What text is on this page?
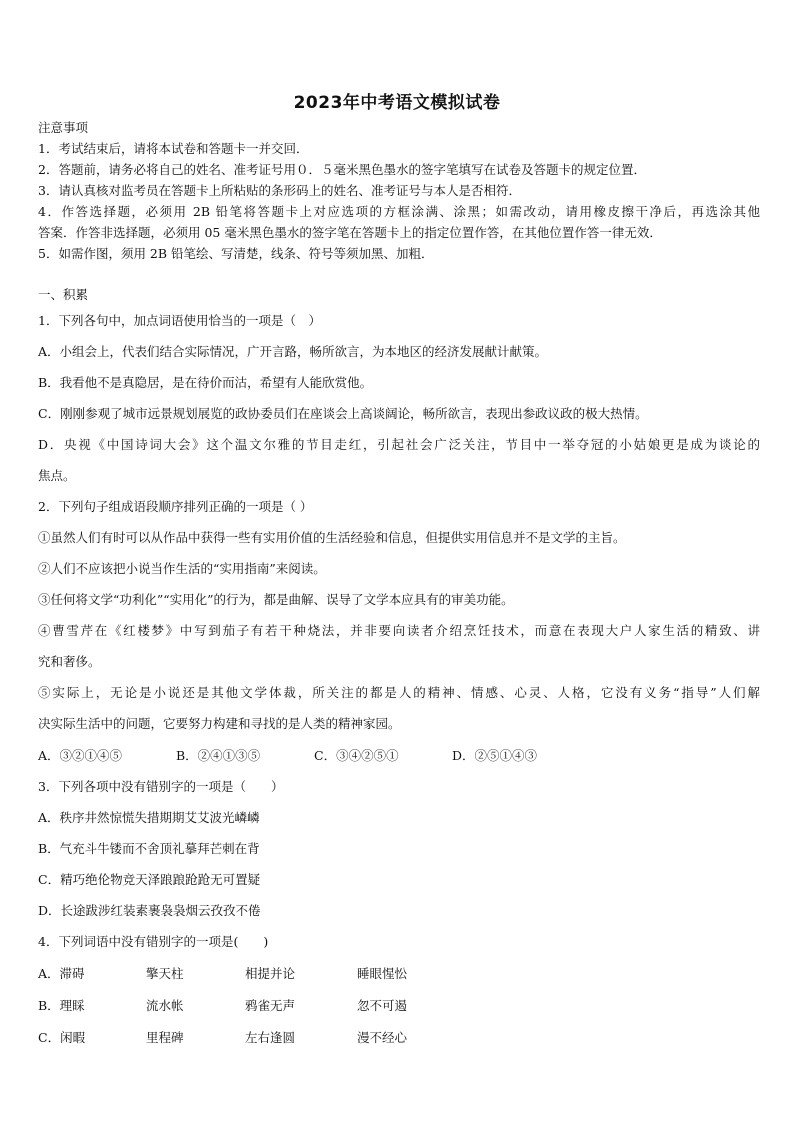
2023年中考语文模拟试卷
注意事项
1．考试结束后，请将本试卷和答题卡一并交回．
2．答题前，请务必将自己的姓名、准考证号用０．５毫米黑色墨水的签字笔填写在试卷及答题卡的规定位置．
3．请认真核对监考员在答题卡上所粘贴的条形码上的姓名、准考证号与本人是否相符．
4．作答选择题，必须用 2B 铅笔将答题卡上对应选项的方框涂满、涂黑；如需改动，请用橡皮擦干净后，再选涂其他
答案．作答非选择题，必须用 05 毫米黑色墨水的签字笔在答题卡上的指定位置作答，在其他位置作答一律无效．
5．如需作图，须用 2B 铅笔绘、写清楚，线条、符号等须加黑、加粗．
一、积累
1．下列各句中，加点词语使用恰当的一项是（　）
A．小组会上，代表们结合实际情况，广开言路，畅所欲言，为本地区的经济发展献计献策。
B．我看他不是真隐居，是在待价而沽，希望有人能欣赏他。
C．刚刚参观了城市远景规划展览的政协委员们在座谈会上高谈阔论，畅所欲言，表现出参政议政的极大热情。
D．央视《中国诗词大会》这个温文尔雅的节目走红，引起社会广泛关注，节目中一举夺冠的小姑娘更是成为谈论的
焦点。
2．下列句子组成语段顺序排列正确的一项是（ ）
①虽然人们有时可以从作品中获得一些有实用价值的生活经验和信息，但提供实用信息并不是文学的主旨。
②人们不应该把小说当作生活的“实用指南”来阅读。
③任何将文学“功利化”“实用化”的行为，都是曲解、误导了文学本应具有的审美功能。
④曹雪芹在《红楼梦》中写到茄子有若干种烧法，并非要向读者介绍烹饪技术，而意在表现大户人家生活的精致、讲
究和奢侈。
⑤实际上，无论是小说还是其他文学体裁，所关注的都是人的精神、情感、心灵、人格，它没有义务“指导”人们解
决实际生活中的问题，它要努力构建和寻找的是人类的精神家园。
A．③②①④⑤	B．②④①③⑤	C．③④②⑤①	D．②⑤①④③
3．下列各项中没有错别字的一项是（　　）
A．秩序井然惊慌失措期期艾艾波光嶙嶙
B．气充斗牛镂而不舍顶礼摹拜芒刺在背
C．精巧绝伦物竞天泽踉踉跄跄无可置疑
D．长途跋涉红装素裹袅袅烟云孜孜不倦
4．下列词语中没有错别字的一项是(　　)
A．滞碍	擎天柱	相提并论	睡眼惺忪
B．理睬	流水帐	鸦雀无声	忽不可遏
C．闲暇	里程碑	左右逢圆	漫不经心
